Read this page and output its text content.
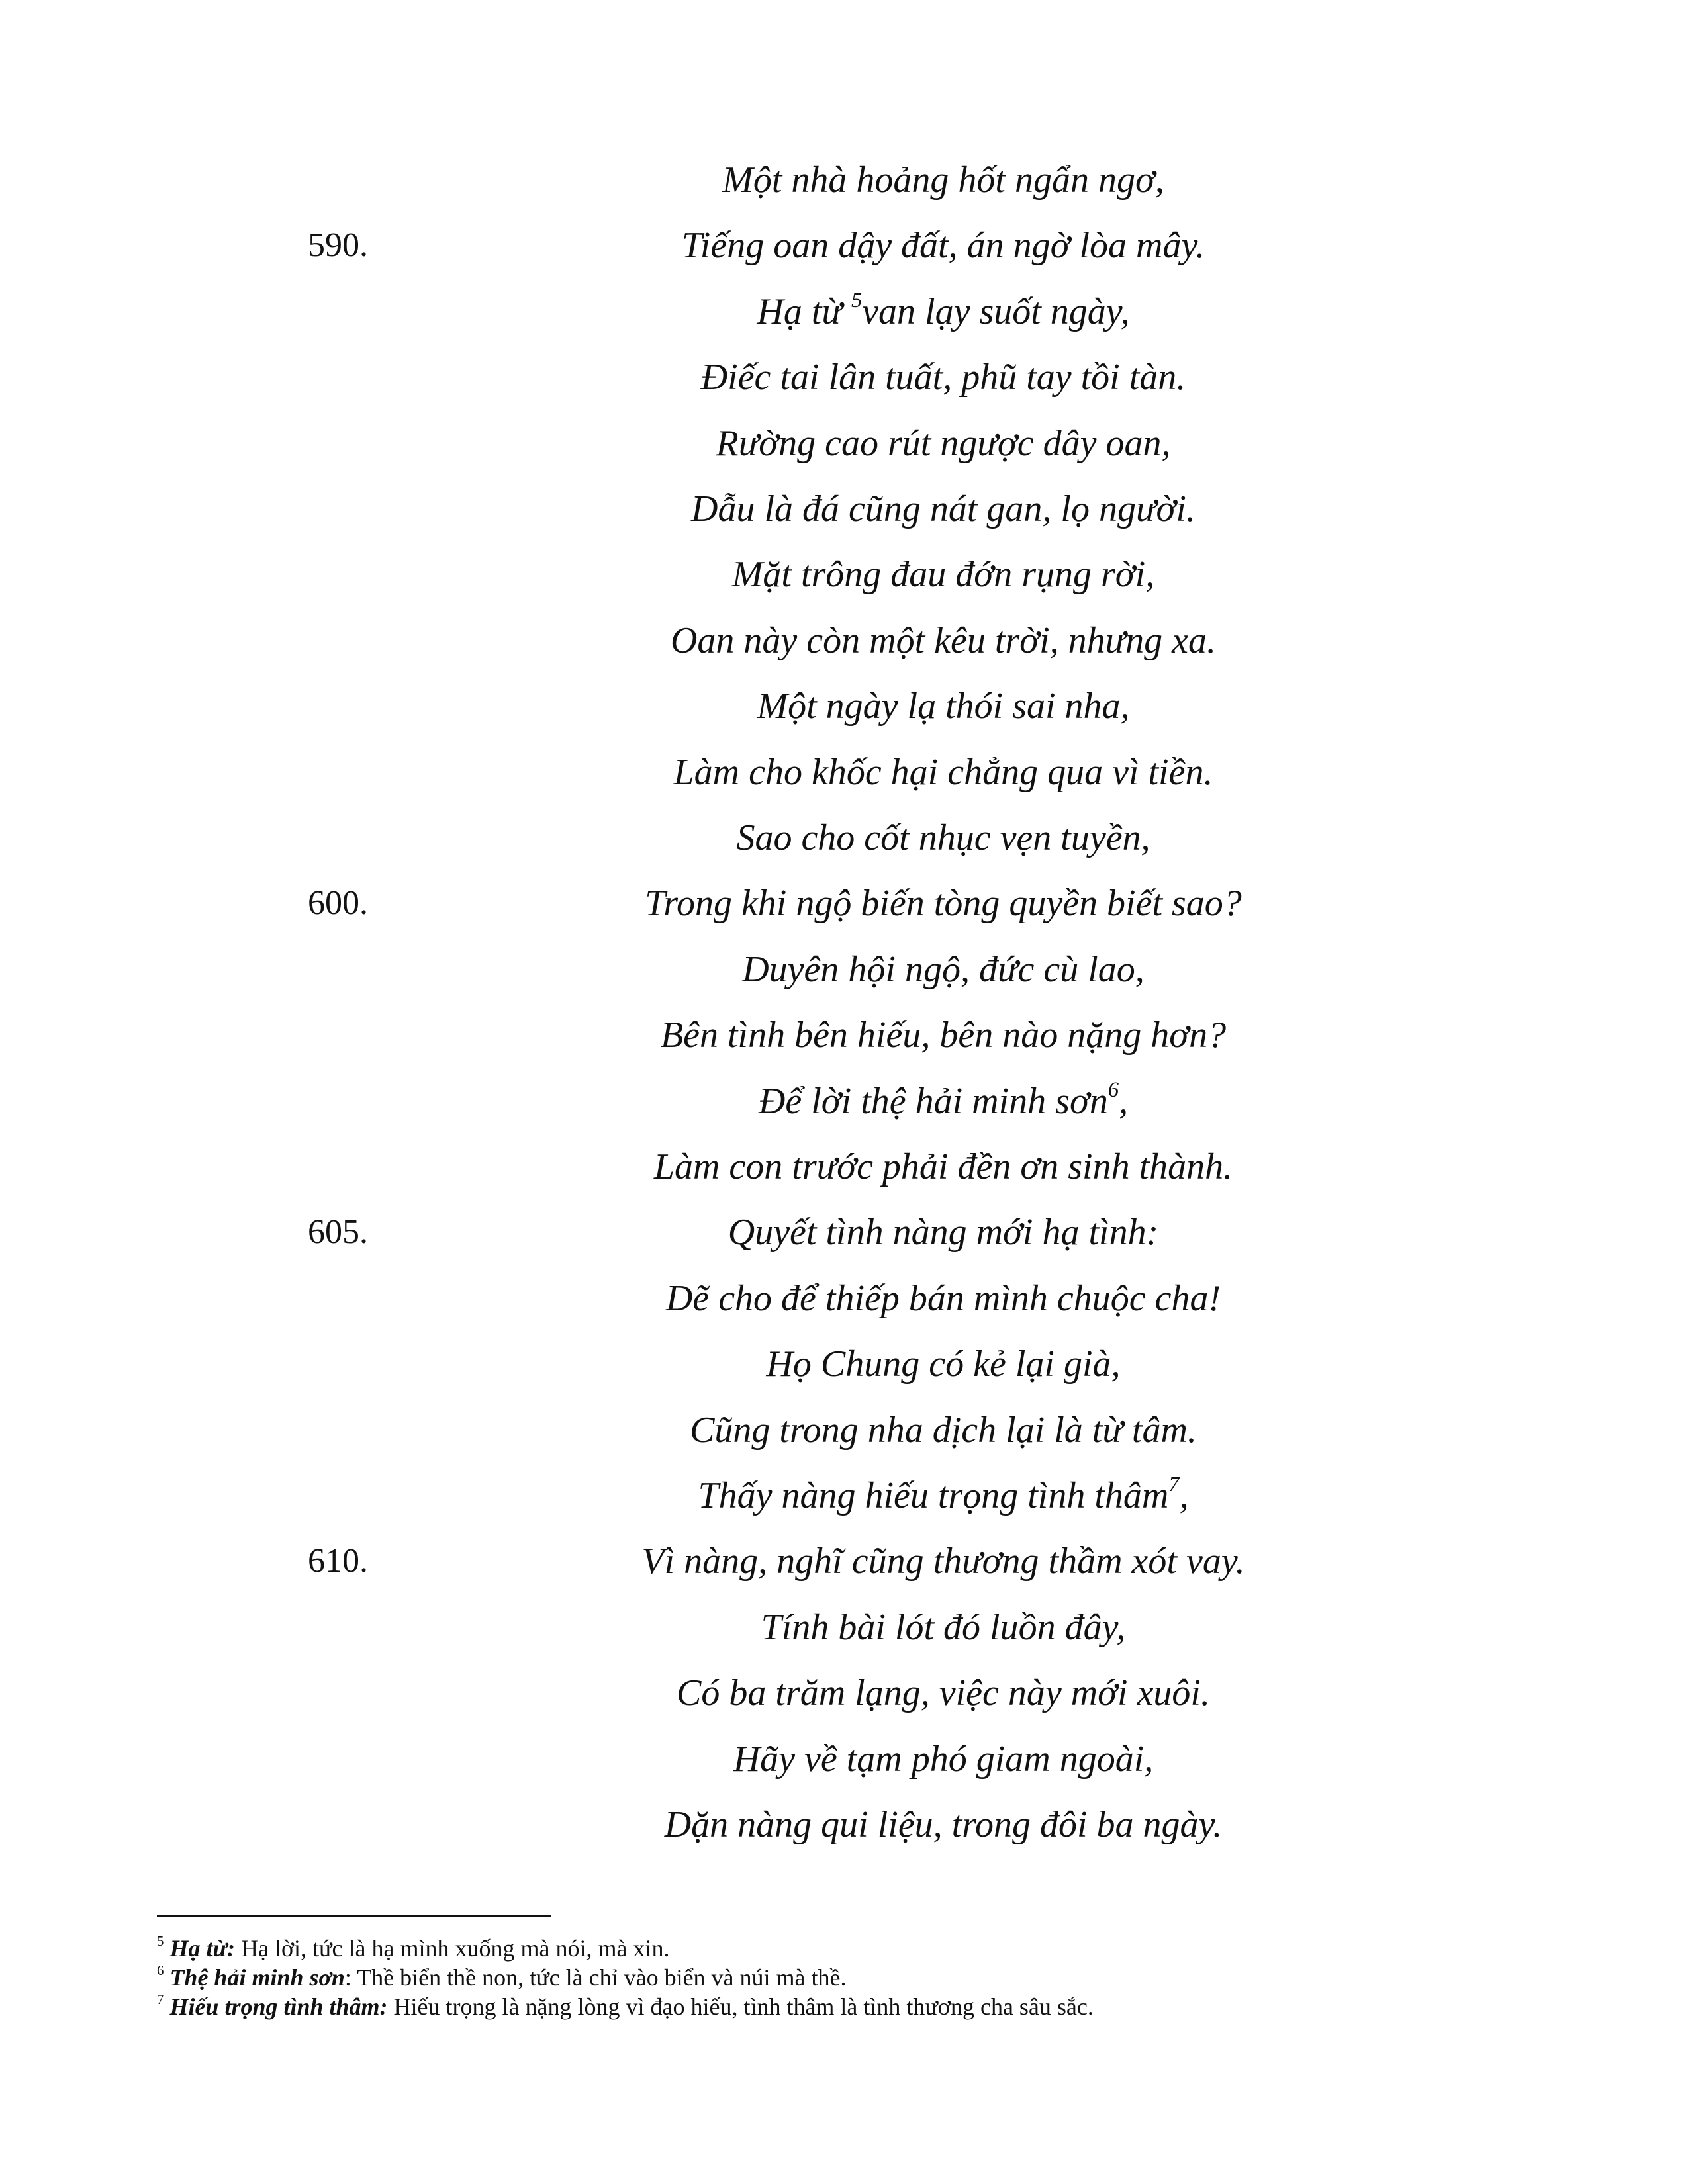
Một nhà hoảng hốt ngẩn ngơ,
590.	Tiếng oan dậy đất, án ngờ lòa mây.
Hạ từ $^5$van lạy suốt ngày,
Điếc tai lân tuất, phũ tay tồi tàn.
Rường cao rút ngược dây oan,
Dẫu là đá cũng nát gan, lọ người.
Mặt trông đau đớn rụng rời,
Oan này còn một kêu trời, nhưng xa.
Một ngày lạ thói sai nha,
Làm cho khốc hại chẳng qua vì tiền.
Sao cho cốt nhục vẹn tuyền,
600.	Trong khi ngộ biến tòng quyền biết sao?
Duyên hội ngộ, đức cù lao,
Bên tình bên hiếu, bên nào nặng hơn?
Để lời thệ hải minh sơn$^6$,
Làm con trước phải đền ơn sinh thành.
605.	Quyết tình nàng mới hạ tình:
Dẽ cho để thiếp bán mình chuộc cha!
Họ Chung có kẻ lại già,
Cũng trong nha dịch lại là từ tâm.
Thấy nàng hiếu trọng tình thâm$^7$,
610.	Vì nàng, nghĩ cũng thương thầm xót vay.
Tính bài lót đó luồn đây,
Có ba trăm lạng, việc này mới xuôi.
Hãy về tạm phó giam ngoài,
Dặn nàng qui liệu, trong đôi ba ngày.
$^5$ Hạ từ: Hạ lời, tức là hạ mình xuống mà nói, mà xin.
$^6$ Thệ hải minh sơn: Thề biển thề non, tức là chỉ vào biển và núi mà thề.
$^7$ Hiếu trọng tình thâm: Hiếu trọng là nặng lòng vì đạo hiếu, tình thâm là tình thương cha sâu sắc.
